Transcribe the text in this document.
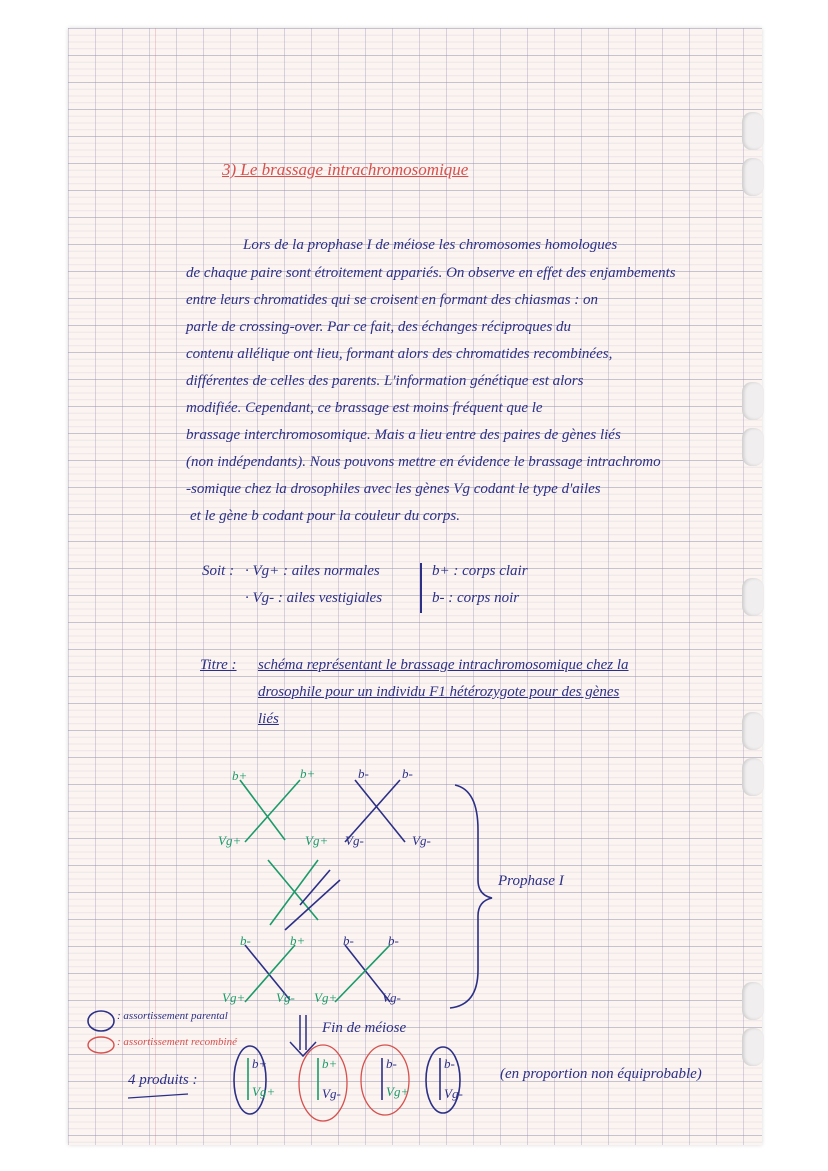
3) Le brassage intrachromosomique
Lors de la prophase I de méiose les chromosomes homologues
de chaque paire sont étroitement appariés. On observe en effet des enjambements
entre leurs chromatides qui se croisent en formant des chiasmas : on
parle de crossing-over. Par ce fait, des échanges réciproques du
contenu allélique ont lieu, formant alors des chromatides recombinées,
différentes de celles des parents. L'information génétique est alors
modifiée. Cependant, ce brassage est moins fréquent que le
brassage interchromosomique. Mais a lieu entre des paires de gènes liés
(non indépendants). Nous pouvons mettre en évidence le brassage intrachromo
-somique chez la drosophiles avec les gènes Vg codant le type d'ailes
et le gène b codant pour la couleur du corps.
Soit : · Vg+ : ailes normales	b+ : corps clair
· Vg- : ailes vestigiales	b- : corps noir
Titre : schéma représentant le brassage intrachromosomique chez la
drosophile pour un individu F1 hétérozygote pour des gènes
liés
b+	b+	b-	b-
Vg+	Vg+ Vg-	Vg-
b-	b+	b-	b-
Vg+ Vg- Vg+	Vg-
Prophase I
Fin de méiose
: assortissement parental
: assortissement recombiné
4 produits :
b+
Vg+
b+
Vg-
b-
Vg+
b-
Vg-
(en proportion non équiprobable)
